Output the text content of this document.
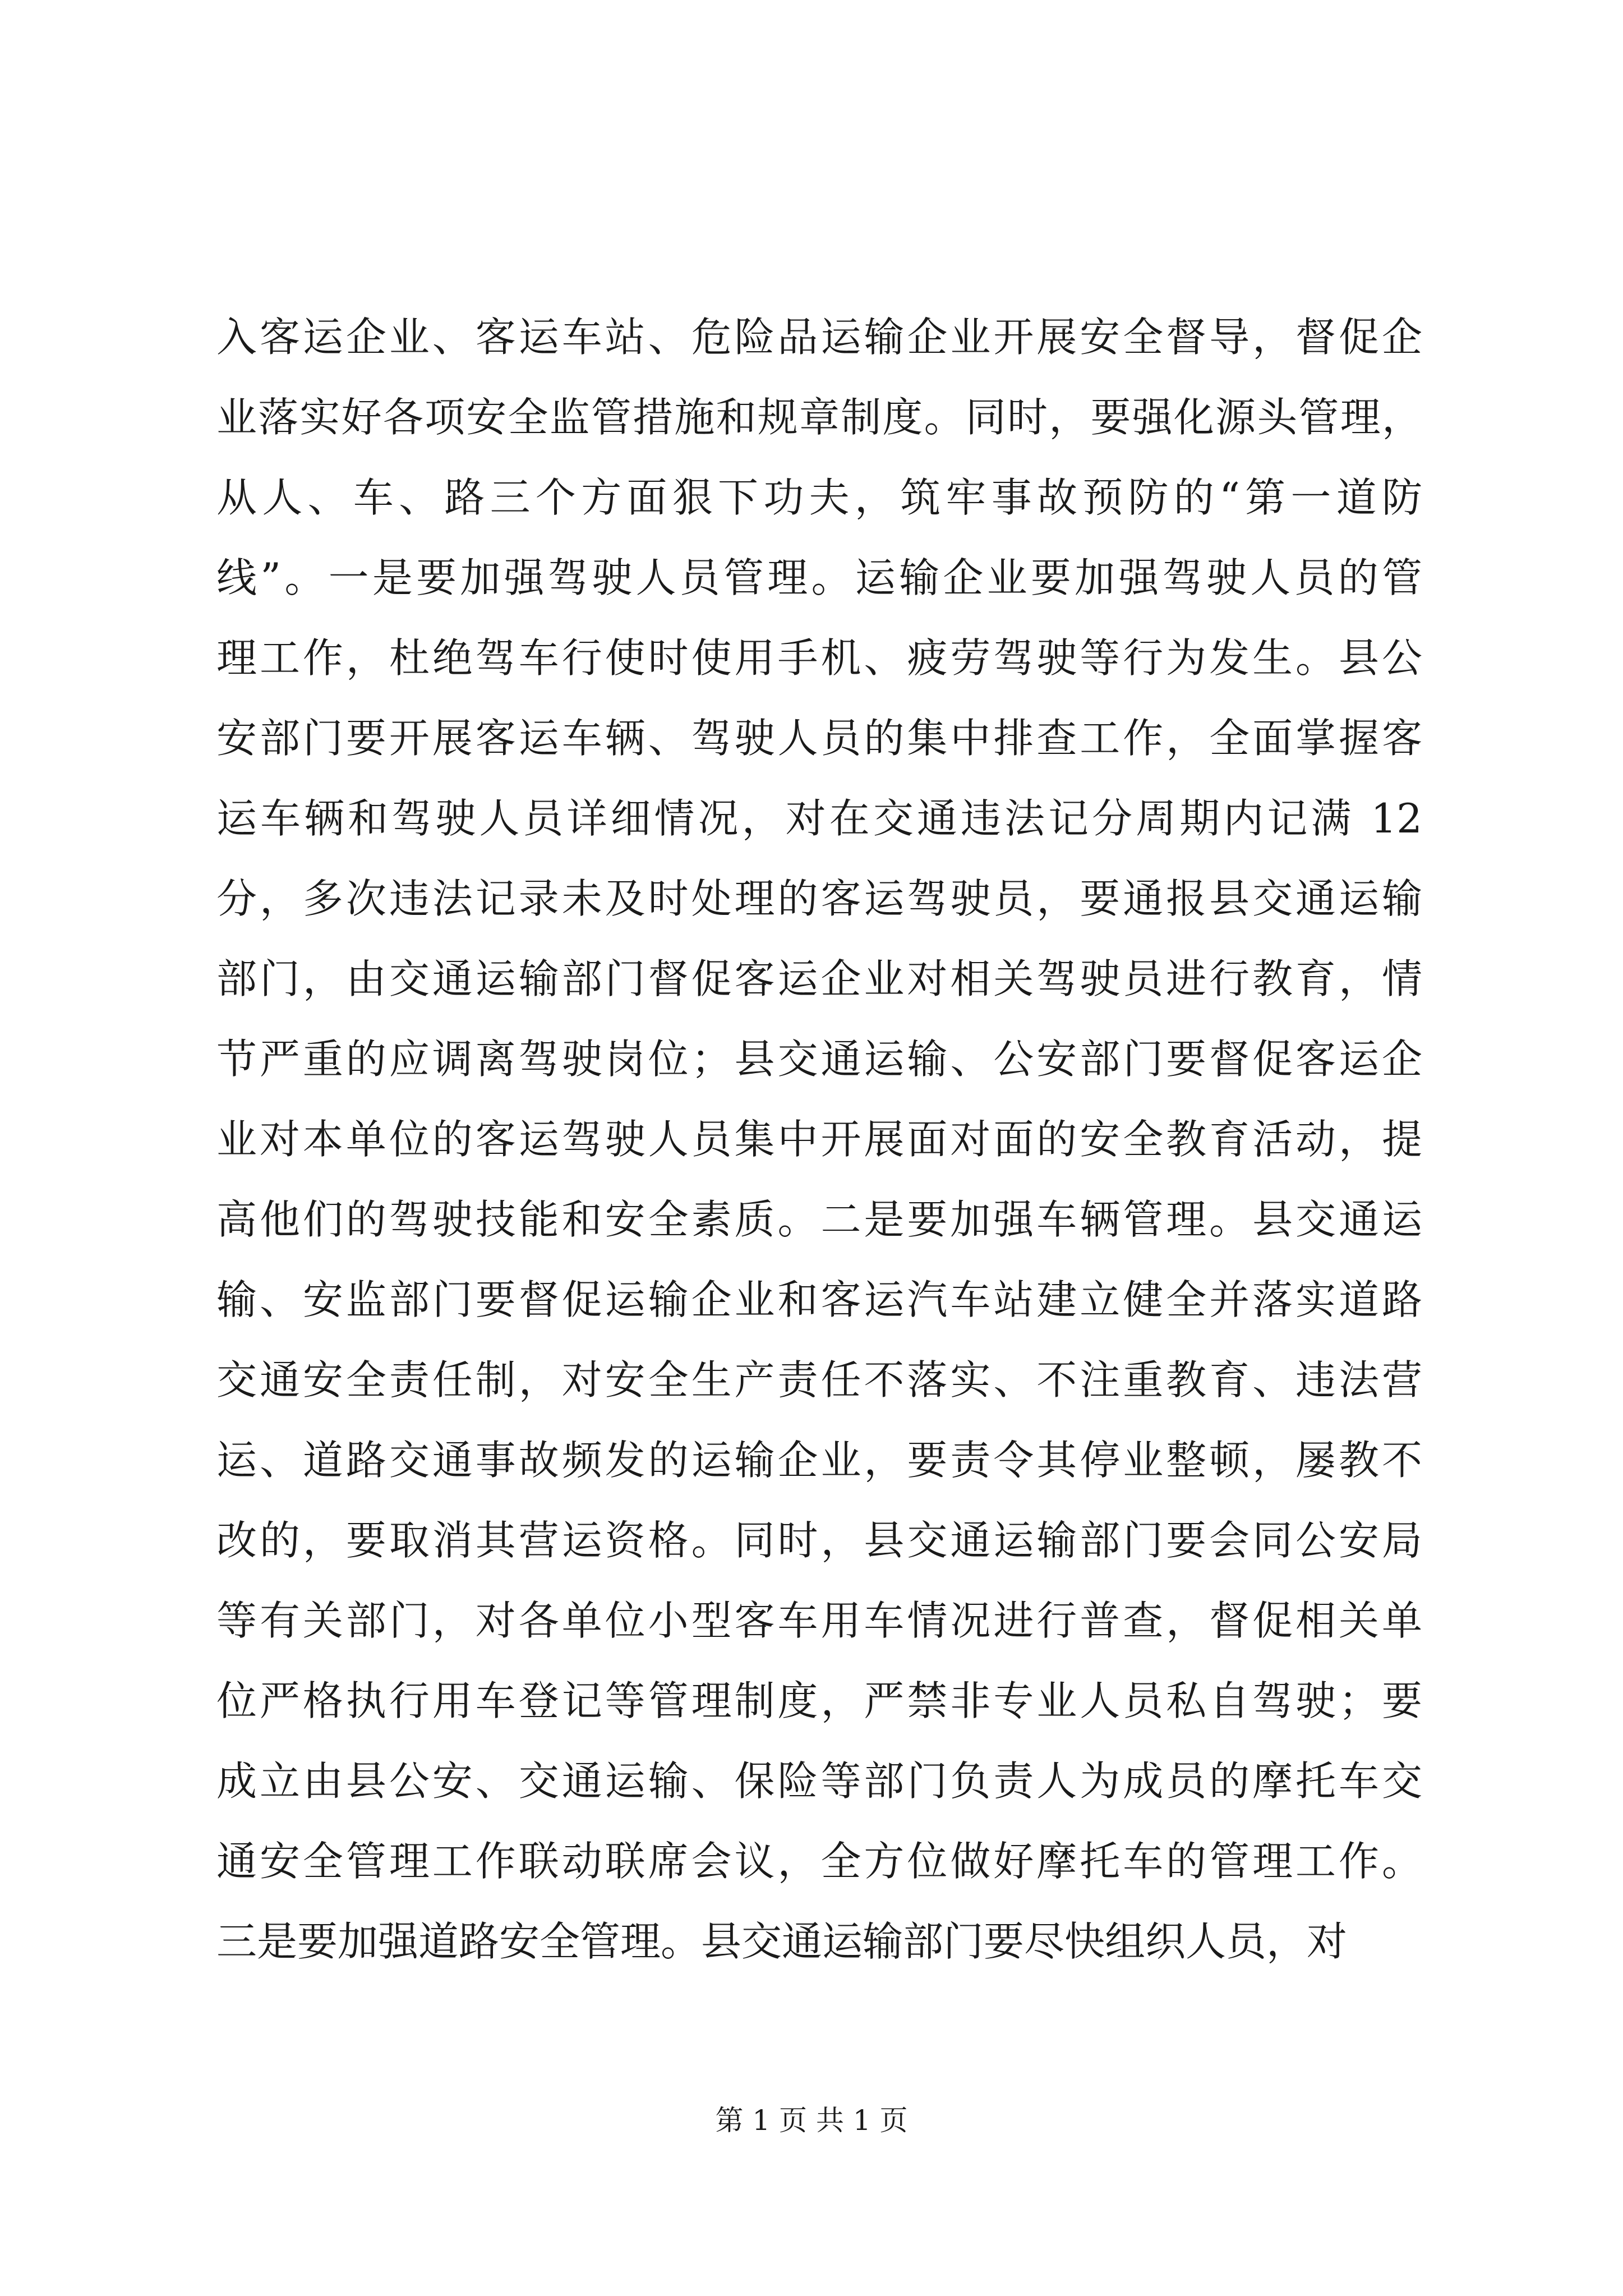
入客运企业、客运车站、危险品运输企业开展安全督导，督促企
业落实好各项安全监管措施和规章制度。同时，要强化源头管理，
从人、车、路三个方面狠下功夫，筑牢事故预防的“第一道防
线”。一是要加强驾驶人员管理。运输企业要加强驾驶人员的管
理工作，杜绝驾车行使时使用手机、疲劳驾驶等行为发生。县公
安部门要开展客运车辆、驾驶人员的集中排查工作，全面掌握客
运车辆和驾驶人员详细情况，对在交通违法记分周期内记满 12
分，多次违法记录未及时处理的客运驾驶员，要通报县交通运输
部门，由交通运输部门督促客运企业对相关驾驶员进行教育，情
节严重的应调离驾驶岗位；县交通运输、公安部门要督促客运企
业对本单位的客运驾驶人员集中开展面对面的安全教育活动，提
高他们的驾驶技能和安全素质。二是要加强车辆管理。县交通运
输、安监部门要督促运输企业和客运汽车站建立健全并落实道路
交通安全责任制，对安全生产责任不落实、不注重教育、违法营
运、道路交通事故频发的运输企业，要责令其停业整顿，屡教不
改的，要取消其营运资格。同时，县交通运输部门要会同公安局
等有关部门，对各单位小型客车用车情况进行普查，督促相关单
位严格执行用车登记等管理制度，严禁非专业人员私自驾驶；要
成立由县公安、交通运输、保险等部门负责人为成员的摩托车交
通安全管理工作联动联席会议，全方位做好摩托车的管理工作。
三是要加强道路安全管理。县交通运输部门要尽快组织人员，对
第 1 页 共 1 页
